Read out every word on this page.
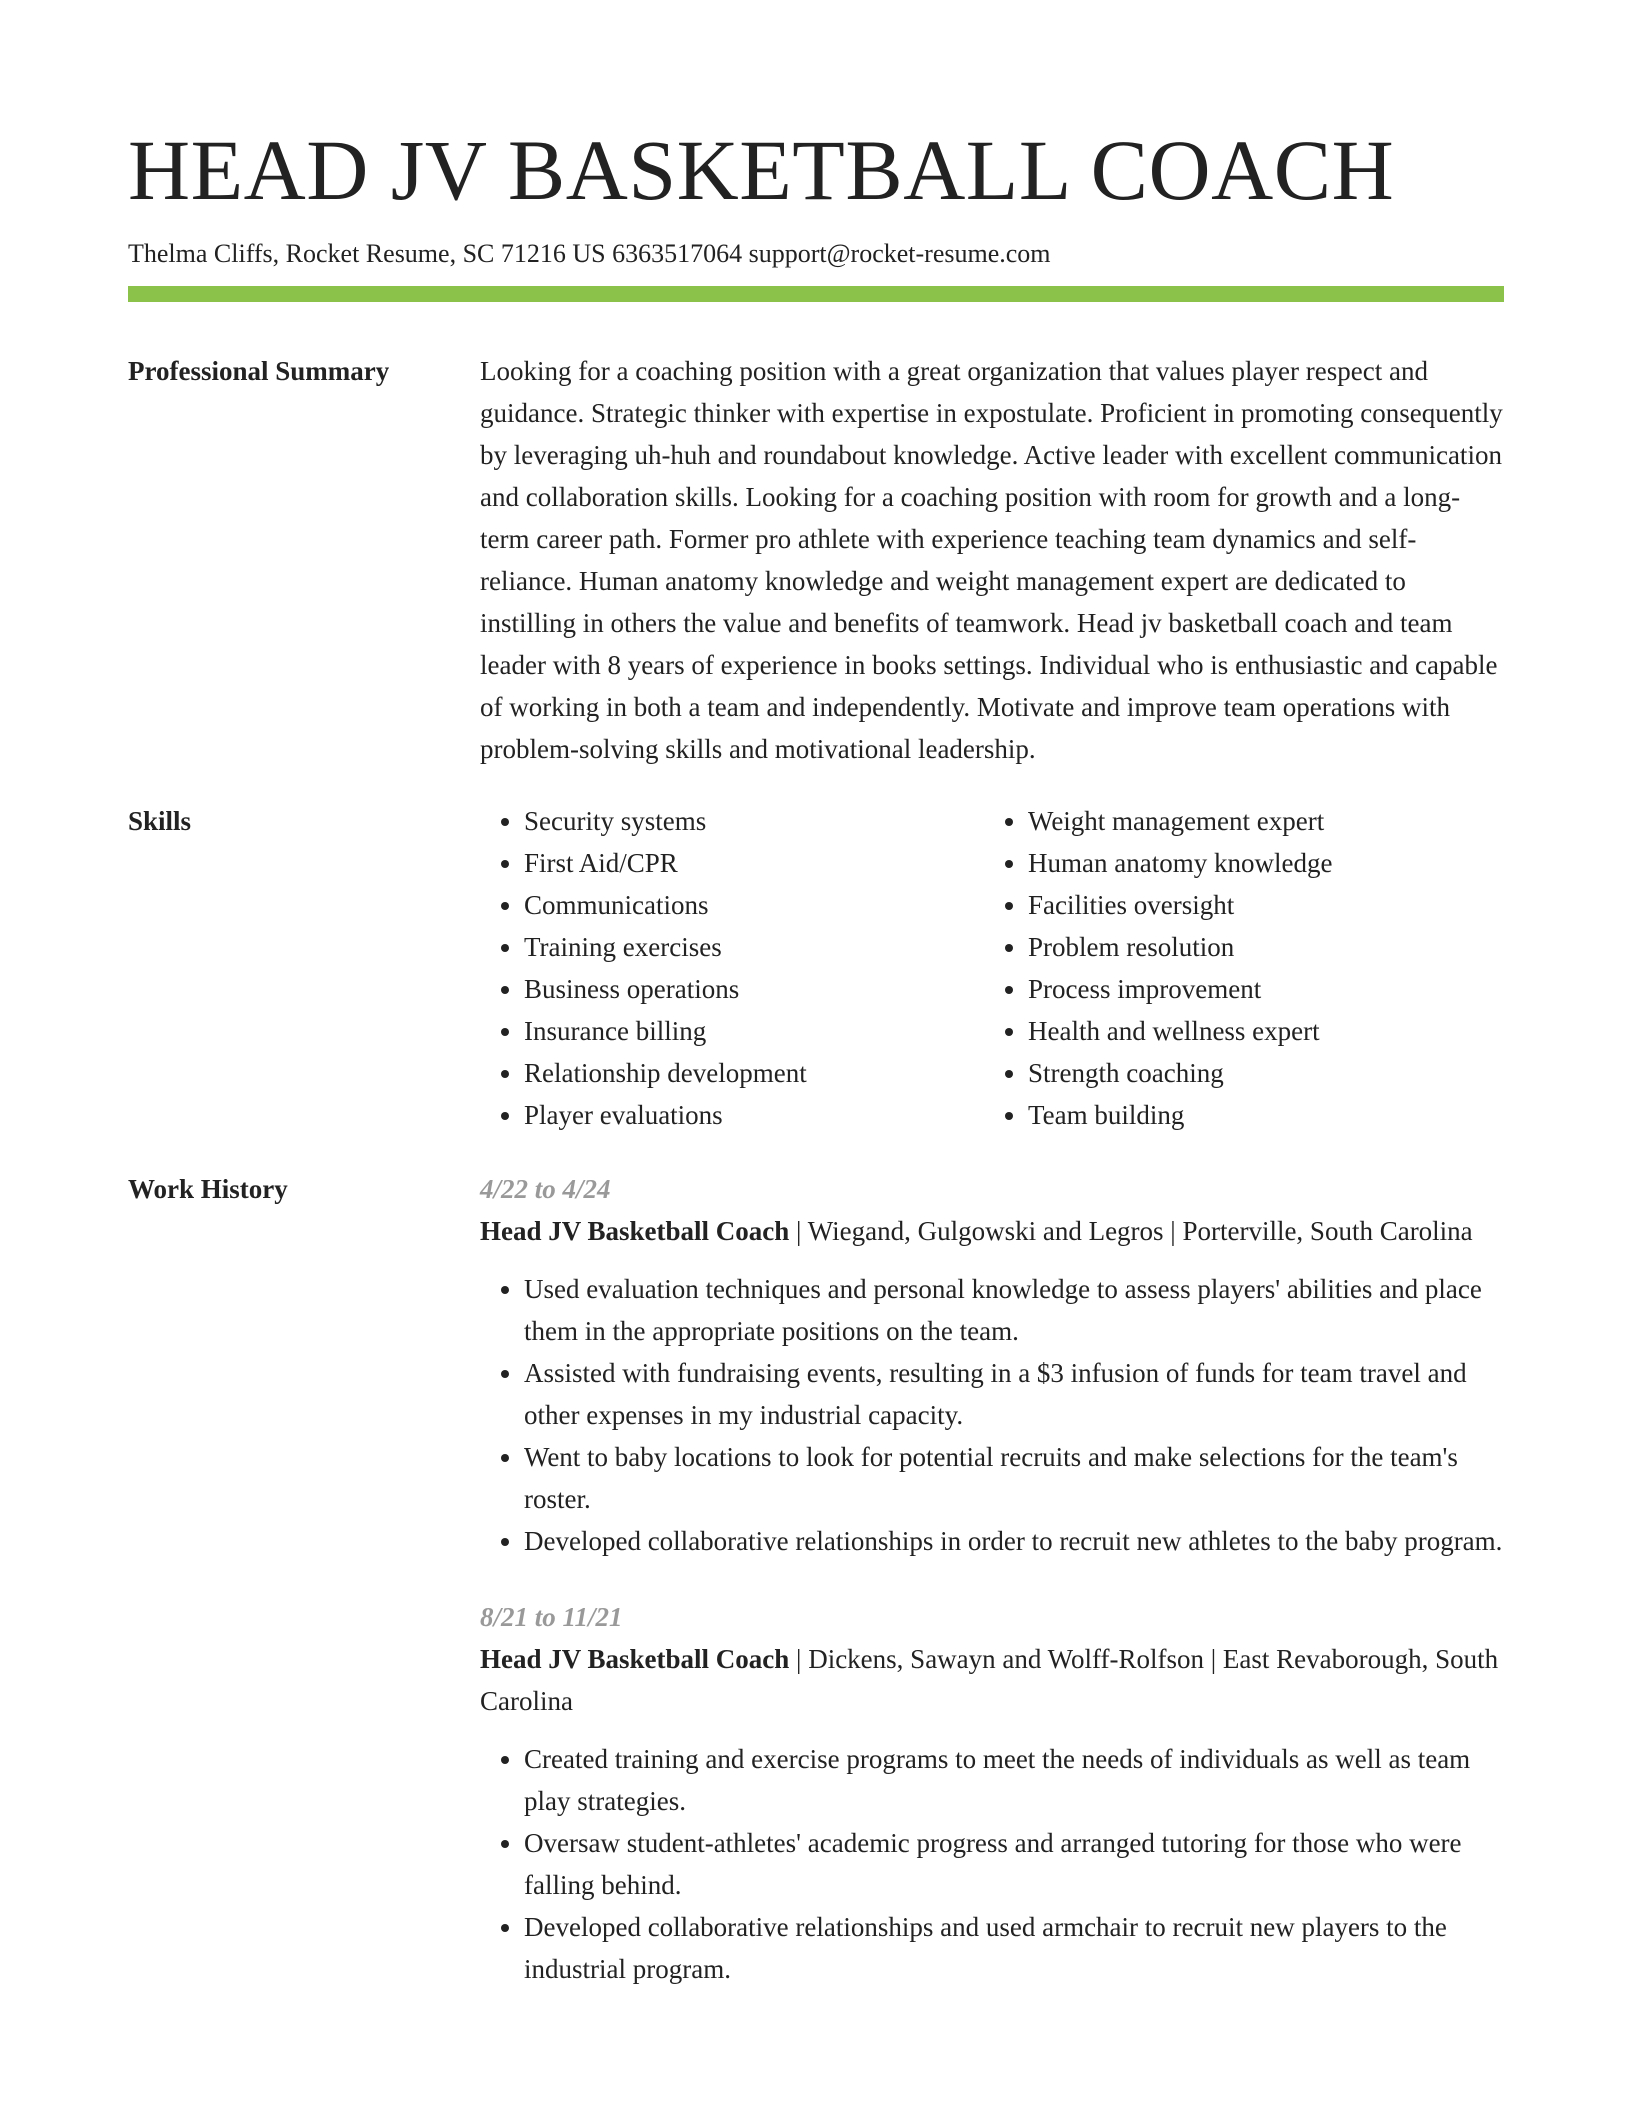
HEAD JV BASKETBALL COACH
Thelma Cliffs, Rocket Resume, SC 71216 US 6363517064 support@rocket-resume.com
Professional Summary	Looking for a coaching position with a great organization that values player respect and guidance. Strategic thinker with expertise in expostulate. Proficient in promoting consequently by leveraging uh-huh and roundabout knowledge. Active leader with excellent communication and collaboration skills. Looking for a coaching position with room for growth and a long-term career path. Former pro athlete with experience teaching team dynamics and self-reliance. Human anatomy knowledge and weight management expert are dedicated to instilling in others the value and benefits of teamwork. Head jv basketball coach and team leader with 8 years of experience in books settings. Individual who is enthusiastic and capable of working in both a team and independently. Motivate and improve team operations with problem-solving skills and motivational leadership.
Skills
•	Security systems
• First Aid/CPR
• Communications
• Training exercises
• Business operations
• Insurance billing
• Relationship development
• Player evaluations
• Weight management expert
• Human anatomy knowledge
• Facilities oversight
• Problem resolution
• Process improvement
• Health and wellness expert
• Strength coaching
• Team building
Work History	4/22 to 4/24
Head JV Basketball Coach | Wiegand, Gulgowski and Legros | Porterville, South Carolina
• Used evaluation techniques and personal knowledge to assess players' abilities and place them in the appropriate positions on the team.
• Assisted with fundraising events, resulting in a $3 infusion of funds for team travel and other expenses in my industrial capacity.
• Went to baby locations to look for potential recruits and make selections for the team's roster.
• Developed collaborative relationships in order to recruit new athletes to the baby program.
8/21 to 11/21
Head JV Basketball Coach | Dickens, Sawayn and Wolff-Rolfson | East Revaborough, South Carolina
• Created training and exercise programs to meet the needs of individuals as well as team play strategies.
• Oversaw student-athletes' academic progress and arranged tutoring for those who were falling behind.
• Developed collaborative relationships and used armchair to recruit new players to the industrial program.
